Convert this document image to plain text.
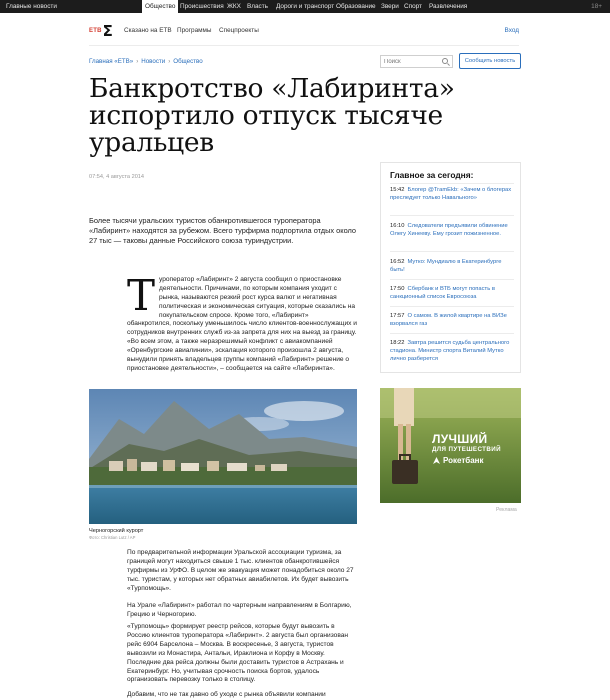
Главные новости	Общество Происшествия ЖКХ Власть Дороги и транспорт Образование Звери Спорт Развлечения	18+
ЕТВ Σ Сказано на ЕТВ Программы Спецпроекты	Вход
Главная «ЕТВ» › Новости › Общество
Поиск	Сообщить новость
Банкротство «Лабиринта» испортило отпуск тысяче уральцев
07:54, 4 августа 2014

Более тысячи уральских туристов обанкротившегося туроператора «Лабиринт» находятся за рубежом. Всего турфирма подпортила отдых около 27 тыс — таковы данные Российского союза туриндустрии.

Т уроператор «Лабиринт» 2 августа сообщил о приостановке деятельности. Причинами, по которым компания уходит с рынка, называются резкий рост курса валют и негативная политическая и экономическая ситуация, которые сказались на покупательском спросе. Кроме того, «Лабиринт»

обанкротился, поскольку уменьшилось число клиентов-военнослужащих и сотрудников внутренних служб из-за запрета для них на выезд за границу. «Во всем этом, а также неразрешимый конфликт с авиакомпанией «Оренбургские авиалинии», эскалация которого произошла 2 августа, вынудили принять владельцев группы компаний «Лабиринт» решение о приостановке деятельности», – сообщается на сайте «Лабиринта».

Черногорский курорт
Фото: Christian Lutz / AP

По предварительной информации Уральской ассоциации туризма, за границей могут находиться свыше 1 тыс. клиентов обанкротившейся турфирмы из УрФО. В целом же эвакуация может понадобиться около 27 тыс. туристам, у которых нет обратных авиабилетов. Их будет вывозить «Турпомощь».

На Урале «Лабиринт» работал по чартерным направлениям в Болгарию, Грецию и Черногорию.

«Турпомощь» формирует реестр рейсов, которые будут вывозить в Россию клиентов туроператора «Лабиринт». 2 августа был организован рейс 6904 Барселона – Москва. В воскресенье, 3 августа, туристов вывозили из Монастира, Антальи, Ираклиона и Корфу в Москву. Последние два рейса должны были доставить туристов в Астрахань и Екатеринбург. Но, учитывая срочность поиска бортов, удалось организовать перевозку только в столицу.

Добавим, что не так давно об уходе с рынка объявили компании

Главное за сегодня:
15:42 Блогер @TramEkb: «Зачем о блогерах преследует только Навального»
16:10 Следователи предъявили обвинение Олегу Хинееву. Ему грозит пожизненное.
16:52 Мутко: Мундиалю в Екатеринбурге быть!
17:50 Сбербанк и ВТБ могут попасть в санкционный список Евросоюза
17:57 О самом. В жилой квартире на ВИЗе взорвался газ
18:22 Завтра решится судьба центрального стадиона. Министр спорта Виталий Мутко лично разберется
ЛУЧШИЙ
ДЛЯ ПУТЕШЕСТВИЙ
Рокетбанк
Реклама
